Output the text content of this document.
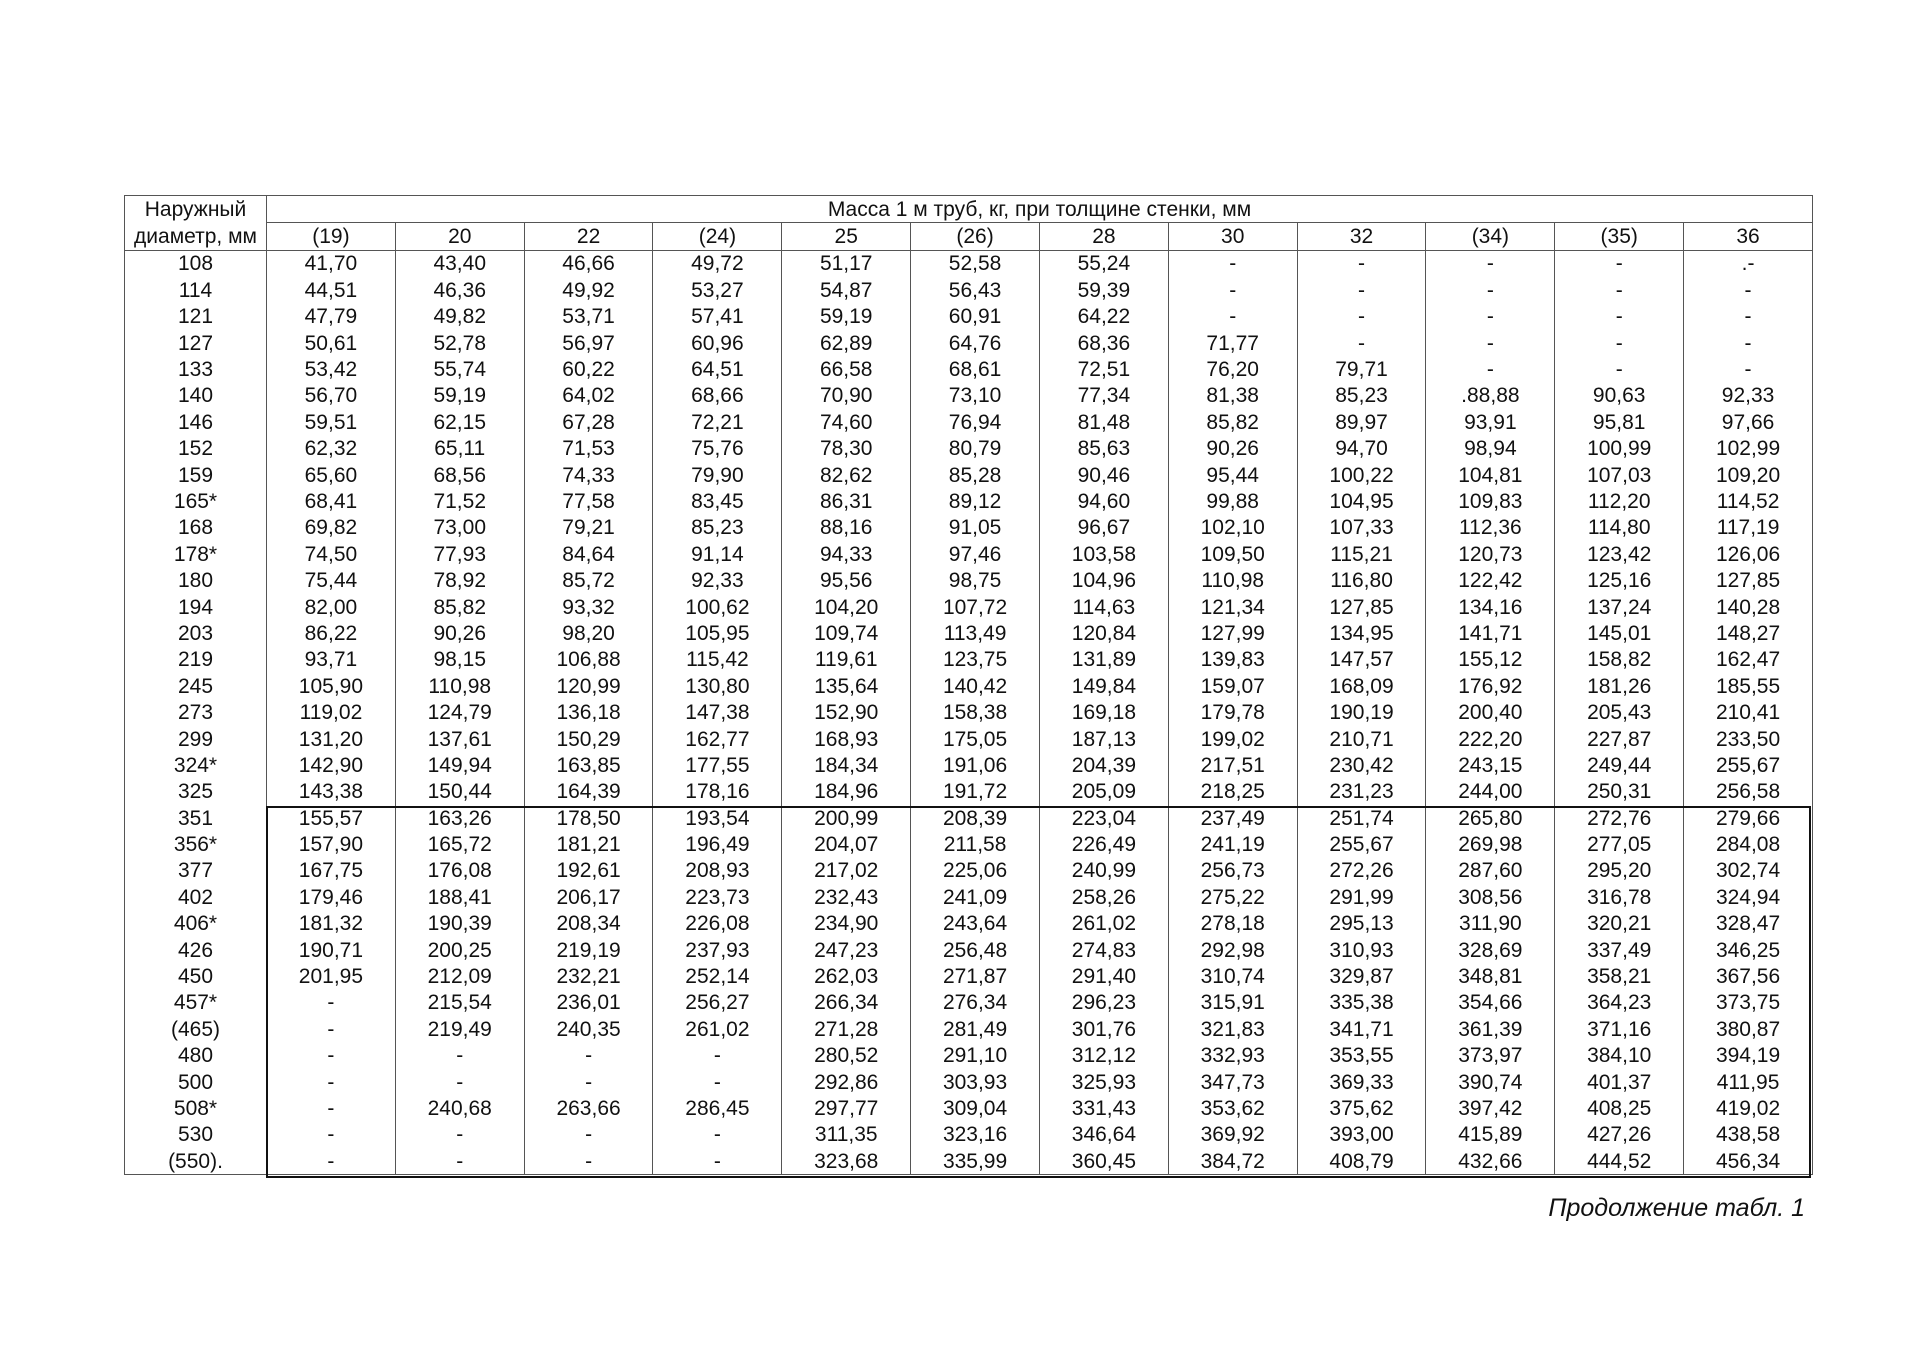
Наружный	Масса 1 м труб, кг, при толщине стенки, мм											
диаметр, мм	(19)	20	22	(24)	25	(26)	28	30	32	(34)	(35)	36
108	41,70	43,40	46,66	49,72	51,17	52,58	55,24	-	-	-	-	.-
114	44,51	46,36	49,92	53,27	54,87	56,43	59,39	-	-	-	-	-
121	47,79	49,82	53,71	57,41	59,19	60,91	64,22	-	-	-	-	-
127	50,61	52,78	56,97	60,96	62,89	64,76	68,36	71,77	-	-	-	-
133	53,42	55,74	60,22	64,51	66,58	68,61	72,51	76,20	79,71	-	-	-
140	56,70	59,19	64,02	68,66	70,90	73,10	77,34	81,38	85,23	.88,88	90,63	92,33
146	59,51	62,15	67,28	72,21	74,60	76,94	81,48	85,82	89,97	93,91	95,81	97,66
152	62,32	65,11	71,53	75,76	78,30	80,79	85,63	90,26	94,70	98,94	100,99	102,99
159	65,60	68,56	74,33	79,90	82,62	85,28	90,46	95,44	100,22	104,81	107,03	109,20
165*	68,41	71,52	77,58	83,45	86,31	89,12	94,60	99,88	104,95	109,83	112,20	114,52
168	69,82	73,00	79,21	85,23	88,16	91,05	96,67	102,10	107,33	112,36	114,80	117,19
178*	74,50	77,93	84,64	91,14	94,33	97,46	103,58	109,50	115,21	120,73	123,42	126,06
180	75,44	78,92	85,72	92,33	95,56	98,75	104,96	110,98	116,80	122,42	125,16	127,85
194	82,00	85,82	93,32	100,62	104,20	107,72	114,63	121,34	127,85	134,16	137,24	140,28
203	86,22	90,26	98,20	105,95	109,74	113,49	120,84	127,99	134,95	141,71	145,01	148,27
219	93,71	98,15	106,88	115,42	119,61	123,75	131,89	139,83	147,57	155,12	158,82	162,47
245	105,90	110,98	120,99	130,80	135,64	140,42	149,84	159,07	168,09	176,92	181,26	185,55
273	119,02	124,79	136,18	147,38	152,90	158,38	169,18	179,78	190,19	200,40	205,43	210,41
299	131,20	137,61	150,29	162,77	168,93	175,05	187,13	199,02	210,71	222,20	227,87	233,50
324*	142,90	149,94	163,85	177,55	184,34	191,06	204,39	217,51	230,42	243,15	249,44	255,67
325	143,38	150,44	164,39	178,16	184,96	191,72	205,09	218,25	231,23	244,00	250,31	256,58
351	155,57	163,26	178,50	193,54	200,99	208,39	223,04	237,49	251,74	265,80	272,76	279,66
356*	157,90	165,72	181,21	196,49	204,07	211,58	226,49	241,19	255,67	269,98	277,05	284,08
377	167,75	176,08	192,61	208,93	217,02	225,06	240,99	256,73	272,26	287,60	295,20	302,74
402	179,46	188,41	206,17	223,73	232,43	241,09	258,26	275,22	291,99	308,56	316,78	324,94
406*	181,32	190,39	208,34	226,08	234,90	243,64	261,02	278,18	295,13	311,90	320,21	328,47
426	190,71	200,25	219,19	237,93	247,23	256,48	274,83	292,98	310,93	328,69	337,49	346,25
450	201,95	212,09	232,21	252,14	262,03	271,87	291,40	310,74	329,87	348,81	358,21	367,56
457*	-	215,54	236,01	256,27	266,34	276,34	296,23	315,91	335,38	354,66	364,23	373,75
(465)	-	219,49	240,35	261,02	271,28	281,49	301,76	321,83	341,71	361,39	371,16	380,87
480	-	-	-	-	280,52	291,10	312,12	332,93	353,55	373,97	384,10	394,19
500	-	-	-	-	292,86	303,93	325,93	347,73	369,33	390,74	401,37	411,95
508*	-	240,68	263,66	286,45	297,77	309,04	331,43	353,62	375,62	397,42	408,25	419,02
530	-	-	-	-	311,35	323,16	346,64	369,92	393,00	415,89	427,26	438,58
(550).	-	-	-	-	323,68	335,99	360,45	384,72	408,79	432,66	444,52	456,34
Продолжение табл. 1
